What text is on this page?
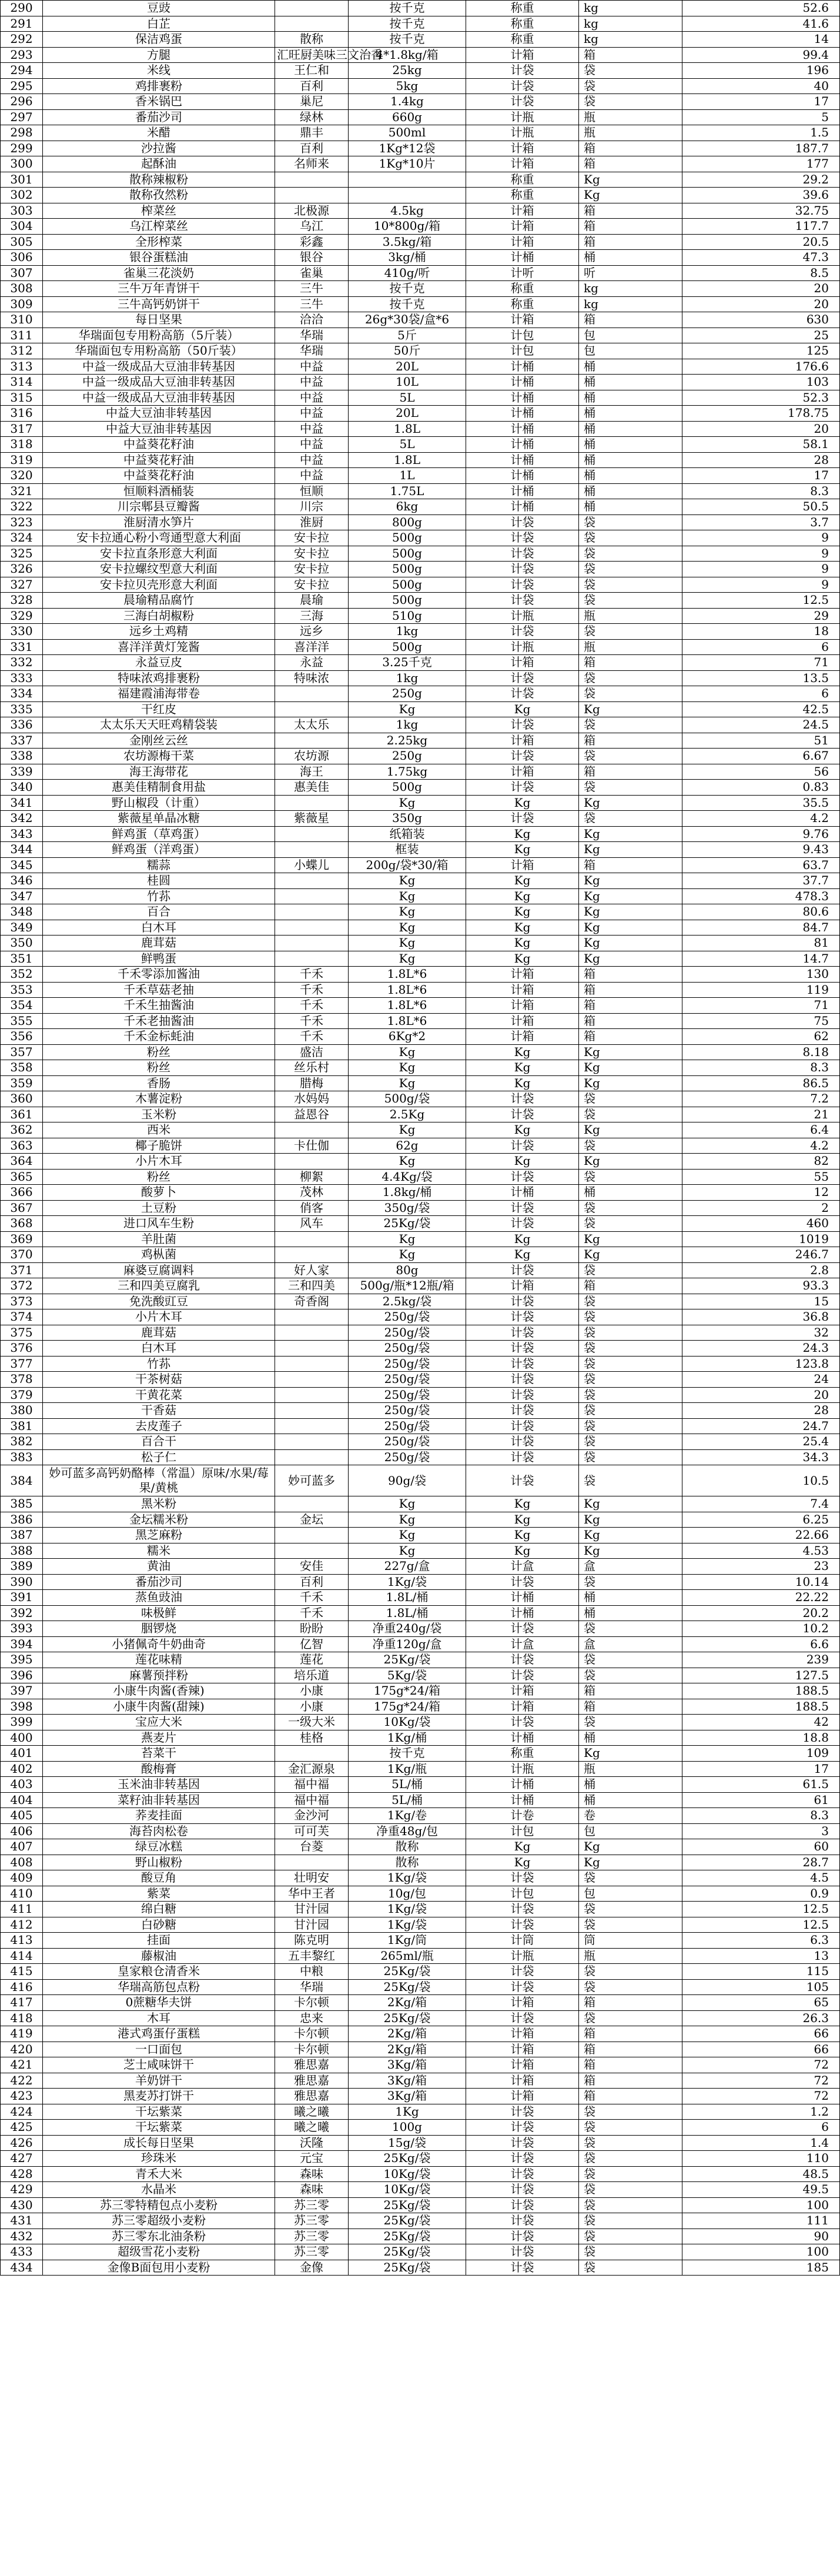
290	豆豉		按千克	称重	kg	52.6
291	白芷		按千克	称重	kg	41.6
292	保洁鸡蛋	散称	按千克	称重	kg	14
293	方腿	汇旺厨美味三文治香	4*1.8kg/箱	计箱	箱	99.4
294	米线	王仁和	25kg	计袋	袋	196
295	鸡排裹粉	百利	5kg	计袋	袋	40
296	香米锅巴	巢尼	1.4kg	计袋	袋	17
297	番茄沙司	绿林	660g	计瓶	瓶	5
298	米醋	鼎丰	500ml	计瓶	瓶	1.5
299	沙拉酱	百利	1Kg*12袋	计箱	箱	187.7
300	起酥油	名师来	1Kg*10片	计箱	箱	177
301	散称辣椒粉			称重	Kg	29.2
302	散称孜然粉			称重	Kg	39.6
303	榨菜丝	北极源	4.5kg	计箱	箱	32.75
304	乌江榨菜丝	乌江	10*800g/箱	计箱	箱	117.7
305	全形榨菜	彩鑫	3.5kg/箱	计箱	箱	20.5
306	银谷蛋糕油	银谷	3kg/桶	计桶	桶	47.3
307	雀巢三花淡奶	雀巢	410g/听	计听	听	8.5
308	三牛万年青饼干	三牛	按千克	称重	kg	20
309	三牛高钙奶饼干	三牛	按千克	称重	kg	20
310	每日坚果	洽洽	26g*30袋/盒*6	计箱	箱	630
311	华瑞面包专用粉高筋（5斤装）	华瑞	5斤	计包	包	25
312	华瑞面包专用粉高筋（50斤装）	华瑞	50斤	计包	包	125
313	中益一级成品大豆油非转基因	中益	20L	计桶	桶	176.6
314	中益一级成品大豆油非转基因	中益	10L	计桶	桶	103
315	中益一级成品大豆油非转基因	中益	5L	计桶	桶	52.3
316	中益大豆油非转基因	中益	20L	计桶	桶	178.75
317	中益大豆油非转基因	中益	1.8L	计桶	桶	20
318	中益葵花籽油	中益	5L	计桶	桶	58.1
319	中益葵花籽油	中益	1.8L	计桶	桶	28
320	中益葵花籽油	中益	1L	计桶	桶	17
321	恒顺料酒桶装	恒顺	1.75L	计桶	桶	8.3
322	川宗郫县豆瓣酱	川宗	6kg	计桶	桶	50.5
323	淮厨清水笋片	淮厨	800g	计袋	袋	3.7
324	安卡拉通心粉小弯通型意大利面	安卡拉	500g	计袋	袋	9
325	安卡拉直条形意大利面	安卡拉	500g	计袋	袋	9
326	安卡拉螺纹型意大利面	安卡拉	500g	计袋	袋	9
327	安卡拉贝壳形意大利面	安卡拉	500g	计袋	袋	9
328	晨瑜精品腐竹	晨瑜	500g	计袋	袋	12.5
329	三海白胡椒粉	三海	510g	计瓶	瓶	29
330	远乡土鸡精	远乡	1kg	计袋	袋	18
331	喜洋洋黄灯笼酱	喜洋洋	500g	计瓶	瓶	6
332	永益豆皮	永益	3.25千克	计箱	箱	71
333	特味浓鸡排裹粉	特味浓	1kg	计袋	袋	13.5
334	福建霞浦海带卷		250g	计袋	袋	6
335	干红皮		Kg	Kg	Kg	42.5
336	太太乐天天旺鸡精袋装	太太乐	1kg	计袋	袋	24.5
337	金刚丝云丝		2.25kg	计箱	箱	51
338	农坊源梅干菜	农坊源	250g	计袋	袋	6.67
339	海王海带花	海王	1.75kg	计箱	箱	56
340	惠美佳精制食用盐	惠美佳	500g	计袋	袋	0.83
341	野山椒段（计重）		Kg	Kg	Kg	35.5
342	紫薇星单晶冰糖	紫薇星	350g	计袋	袋	4.2
343	鲜鸡蛋（草鸡蛋）		纸箱装	Kg	Kg	9.76
344	鲜鸡蛋（洋鸡蛋）		框装	Kg	Kg	9.43
345	糯蒜	小蝶儿	200g/袋*30/箱	计箱	箱	63.7
346	桂圆		Kg	Kg	Kg	37.7
347	竹荪		Kg	Kg	Kg	478.3
348	百合		Kg	Kg	Kg	80.6
349	白木耳		Kg	Kg	Kg	84.7
350	鹿茸菇		Kg	Kg	Kg	81
351	鲜鸭蛋		Kg	Kg	Kg	14.7
352	千禾零添加酱油	千禾	1.8L*6	计箱	箱	130
353	千禾草菇老抽	千禾	1.8L*6	计箱	箱	119
354	千禾生抽酱油	千禾	1.8L*6	计箱	箱	71
355	千禾老抽酱油	千禾	1.8L*6	计箱	箱	75
356	千禾金标蚝油	千禾	6Kg*2	计箱	箱	62
357	粉丝	盛洁	Kg	Kg	Kg	8.18
358	粉丝	丝乐村	Kg	Kg	Kg	8.3
359	香肠	腊梅	Kg	Kg	Kg	86.5
360	木薯淀粉	水妈妈	500g/袋	计袋	袋	7.2
361	玉米粉	益恩谷	2.5Kg	计袋	袋	21
362	西米		Kg	Kg	Kg	6.4
363	椰子脆饼	卡仕伽	62g	计袋	袋	4.2
364	小片木耳		Kg	Kg	Kg	82
365	粉丝	柳絮	4.4Kg/袋	计袋	袋	55
366	酸萝卜	茂林	1.8kg/桶	计桶	桶	12
367	土豆粉	俏客	350g/袋	计袋	袋	2
368	进口风车生粉	风车	25Kg/袋	计袋	袋	460
369	羊肚菌		Kg	Kg	Kg	1019
370	鸡枞菌		Kg	Kg	Kg	246.7
371	麻婆豆腐调料	好人家	80g	计袋	袋	2.8
372	三和四美豆腐乳	三和四美	500g/瓶*12瓶/箱	计箱	箱	93.3
373	免洗酸豇豆	奇香阁	2.5kg/袋	计袋	袋	15
374	小片木耳		250g/袋	计袋	袋	36.8
375	鹿茸菇		250g/袋	计袋	袋	32
376	白木耳		250g/袋	计袋	袋	24.3
377	竹荪		250g/袋	计袋	袋	123.8
378	干茶树菇		250g/袋	计袋	袋	24
379	干黄花菜		250g/袋	计袋	袋	20
380	干香菇		250g/袋	计袋	袋	28
381	去皮莲子		250g/袋	计袋	袋	24.7
382	百合干		250g/袋	计袋	袋	25.4
383	松子仁		250g/袋	计袋	袋	34.3
384	妙可蓝多高钙奶酪棒（常温）原味/水果/莓果/黄桃	妙可蓝多	90g/袋	计袋	袋	10.5
385	黑米粉		Kg	Kg	Kg	7.4
386	金坛糯米粉	金坛	Kg	Kg	Kg	6.25
387	黑芝麻粉		Kg	Kg	Kg	22.66
388	糯米		Kg	Kg	Kg	4.53
389	黄油	安佳	227g/盒	计盒	盒	23
390	番茄沙司	百利	1Kg/袋	计袋	袋	10.14
391	蒸鱼豉油	千禾	1.8L/桶	计桶	桶	22.22
392	味极鲜	千禾	1.8L/桶	计桶	桶	20.2
393	胭锣烧	盼盼	净重240g/袋	计袋	袋	10.2
394	小猪佩奇牛奶曲奇	亿智	净重120g/盒	计盒	盒	6.6
395	莲花味精	莲花	25Kg/袋	计袋	袋	239
396	麻薯预拌粉	培乐道	5Kg/袋	计袋	袋	127.5
397	小康牛肉酱(香辣)	小康	175g*24/箱	计箱	箱	188.5
398	小康牛肉酱(甜辣)	小康	175g*24/箱	计箱	箱	188.5
399	宝应大米	一级大米	10Kg/袋	计袋	袋	42
400	燕麦片	桂格	1Kg/桶	计桶	桶	18.8
401	苔菜干		按千克	称重	Kg	109
402	酸梅膏	金汇源泉	1Kg/瓶	计瓶	瓶	17
403	玉米油非转基因	福中福	5L/桶	计桶	桶	61.5
404	菜籽油非转基因	福中福	5L/桶	计桶	桶	61
405	荞麦挂面	金沙河	1Kg/卷	计卷	卷	8.3
406	海苔肉松卷	可可芙	净重48g/包	计包	包	3
407	绿豆冰糕	台菱	散称	Kg	Kg	60
408	野山椒粉		散称	Kg	Kg	28.7
409	酸豆角	壮明安	1Kg/袋	计袋	袋	4.5
410	紫菜	华中王者	10g/包	计包	包	0.9
411	绵白糖	甘汁园	1Kg/袋	计袋	袋	12.5
412	白砂糖	甘汁园	1Kg/袋	计袋	袋	12.5
413	挂面	陈克明	1Kg/筒	计筒	筒	6.3
414	藤椒油	五丰黎红	265ml/瓶	计瓶	瓶	13
415	皇家粮仓清香米	中粮	25Kg/袋	计袋	袋	115
416	华瑞高筋包点粉	华瑞	25Kg/袋	计袋	袋	105
417	0蔗糖华夫饼	卡尔顿	2Kg/箱	计箱	箱	65
418	木耳	忠来	25Kg/袋	计袋	袋	26.3
419	港式鸡蛋仔蛋糕	卡尔顿	2Kg/箱	计箱	箱	66
420	一口面包	卡尔顿	2Kg/箱	计箱	箱	66
421	芝士咸味饼干	雅思嘉	3Kg/箱	计箱	箱	72
422	羊奶饼干	雅思嘉	3Kg/箱	计箱	箱	72
423	黑麦苏打饼干	雅思嘉	3Kg/箱	计箱	箱	72
424	干坛紫菜	曦之曦	1Kg	计袋	袋	1.2
425	干坛紫菜	曦之曦	100g	计袋	袋	6
426	成长每日坚果	沃隆	15g/袋	计袋	袋	1.4
427	珍珠米	元宝	25Kg/袋	计袋	袋	110
428	青禾大米	森味	10Kg/袋	计袋	袋	48.5
429	水晶米	森味	10Kg/袋	计袋	袋	49.5
430	苏三零特精包点小麦粉	苏三零	25Kg/袋	计袋	袋	100
431	苏三零超级小麦粉	苏三零	25Kg/袋	计袋	袋	111
432	苏三零东北油条粉	苏三零	25Kg/袋	计袋	袋	90
433	超级雪花小麦粉	苏三零	25Kg/袋	计袋	袋	100
434	金像B面包用小麦粉	金像	25Kg/袋	计袋	袋	185
